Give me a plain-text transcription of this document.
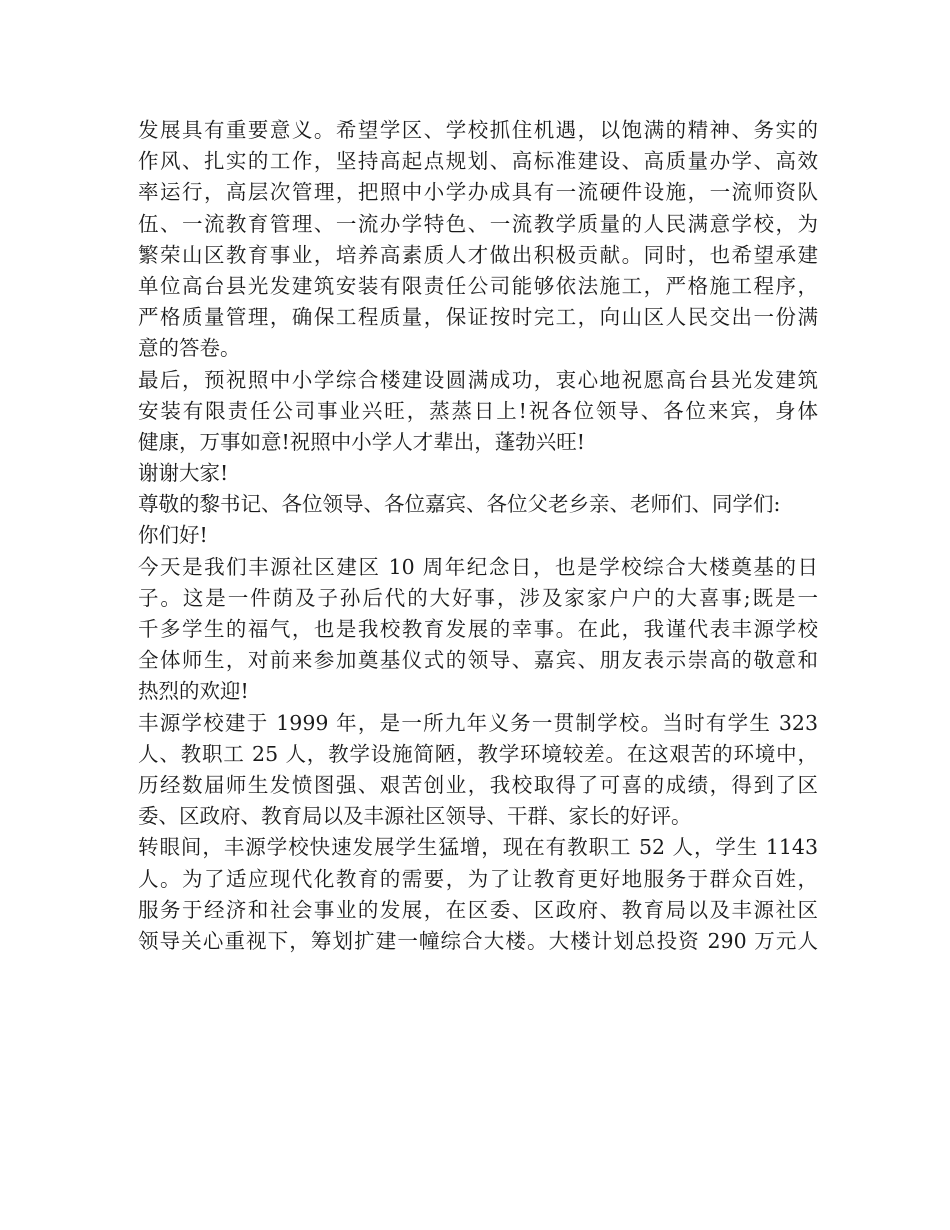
发展具有重要意义。希望学区、学校抓住机遇，以饱满的精神、务实的
作风、扎实的工作，坚持高起点规划、高标准建设、高质量办学、高效
率运行，高层次管理，把照中小学办成具有一流硬件设施，一流师资队
伍、一流教育管理、一流办学特色、一流教学质量的人民满意学校，为
繁荣山区教育事业，培养高素质人才做出积极贡献。同时，也希望承建
单位高台县光发建筑安装有限责任公司能够依法施工，严格施工程序，
严格质量管理，确保工程质量，保证按时完工，向山区人民交出一份满
意的答卷。
最后，预祝照中小学综合楼建设圆满成功，衷心地祝愿高台县光发建筑
安装有限责任公司事业兴旺，蒸蒸日上!祝各位领导、各位来宾，身体
健康，万事如意!祝照中小学人才辈出，蓬勃兴旺!
谢谢大家!
尊敬的黎书记、各位领导、各位嘉宾、各位父老乡亲、老师们、同学们:
你们好!
今天是我们丰源社区建区 10 周年纪念日，也是学校综合大楼奠基的日
子。这是一件荫及子孙后代的大好事，涉及家家户户的大喜事;既是一
千多学生的福气，也是我校教育发展的幸事。在此，我谨代表丰源学校
全体师生，对前来参加奠基仪式的领导、嘉宾、朋友表示崇高的敬意和
热烈的欢迎!
丰源学校建于 1999 年，是一所九年义务一贯制学校。当时有学生 323
人、教职工 25 人，教学设施简陋，教学环境较差。在这艰苦的环境中，
历经数届师生发愤图强、艰苦创业，我校取得了可喜的成绩，得到了区
委、区政府、教育局以及丰源社区领导、干群、家长的好评。
转眼间，丰源学校快速发展学生猛增，现在有教职工 52 人，学生 1143
人。为了适应现代化教育的需要，为了让教育更好地服务于群众百姓，
服务于经济和社会事业的发展，在区委、区政府、教育局以及丰源社区
领导关心重视下，筹划扩建一幢综合大楼。大楼计划总投资 290 万元人
